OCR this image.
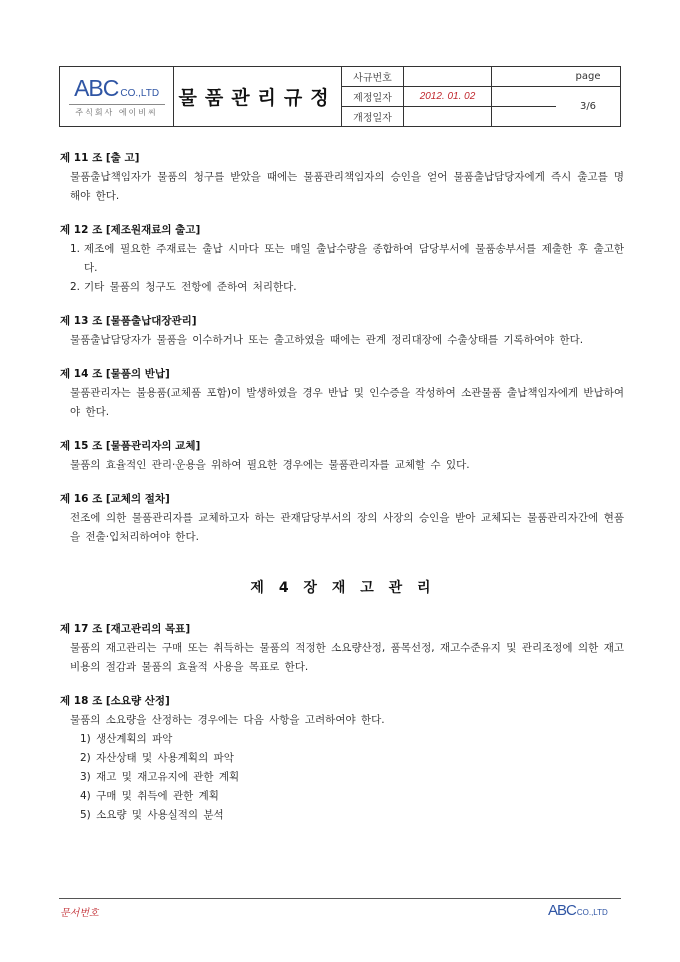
ABC CO.,LTD
주식회사 에이비씨
물품관리규정
사규번호
제정일자	2012. 01. 02
개정일자
page
3/6
제 11 조 [출 고]
물품출납책임자가 물품의 청구를 받았을 때에는 물품관리책임자의 승인을 얻어 물품출납담당자에게 즉시 출고를 명해야 한다.
제 12 조 [제조원재료의 출고]
1. 제조에 필요한 주재료는 출납 시마다 또는 매일 출납수량을 종합하여 담당부서에 물품송부서를 제출한 후 출고한다.
2. 기타 물품의 청구도 전항에 준하여 처리한다.
제 13 조 [물품출납대장관리]
물품출납담당자가 물품을 이수하거나 또는 출고하였을 때에는 관계 정리대장에 수출상태를 기록하여야 한다.
제 14 조 [물품의 반납]
물품관리자는 불용품(교체품 포함)이 발생하였을 경우 반납 및 인수증을 작성하여 소관물품 출납책임자에게 반납하여야 한다.
제 15 조 [물품관리자의 교체]
물품의 효율적인 관리·운용을 위하여 필요한 경우에는 물품관리자를 교체할 수 있다.
제 16 조 [교체의 절차]
전조에 의한 물품관리자를 교체하고자 하는 관재담당부서의 장의 사장의 승인을 받아 교체되는 물품관리자간에 현품을 전출·입처리하여야 한다.
제 4 장 재 고 관 리
제 17 조 [재고관리의 목표]
물품의 재고관리는 구매 또는 취득하는 물품의 적정한 소요량산정, 품목선정, 재고수준유지 및 관리조정에 의한 재고비용의 절감과 물품의 효율적 사용을 목표로 한다.
제 18 조 [소요량 산정]
물품의 소요량을 산정하는 경우에는 다음 사항을 고려하여야 한다.
1) 생산계획의 파악
2) 자산상태 및 사용계획의 파악
3) 재고 및 재고유지에 관한 계획
4) 구매 및 취득에 관한 계획
5) 소요량 및 사용실적의 분석
문서번호	ABC CO.,LTD
